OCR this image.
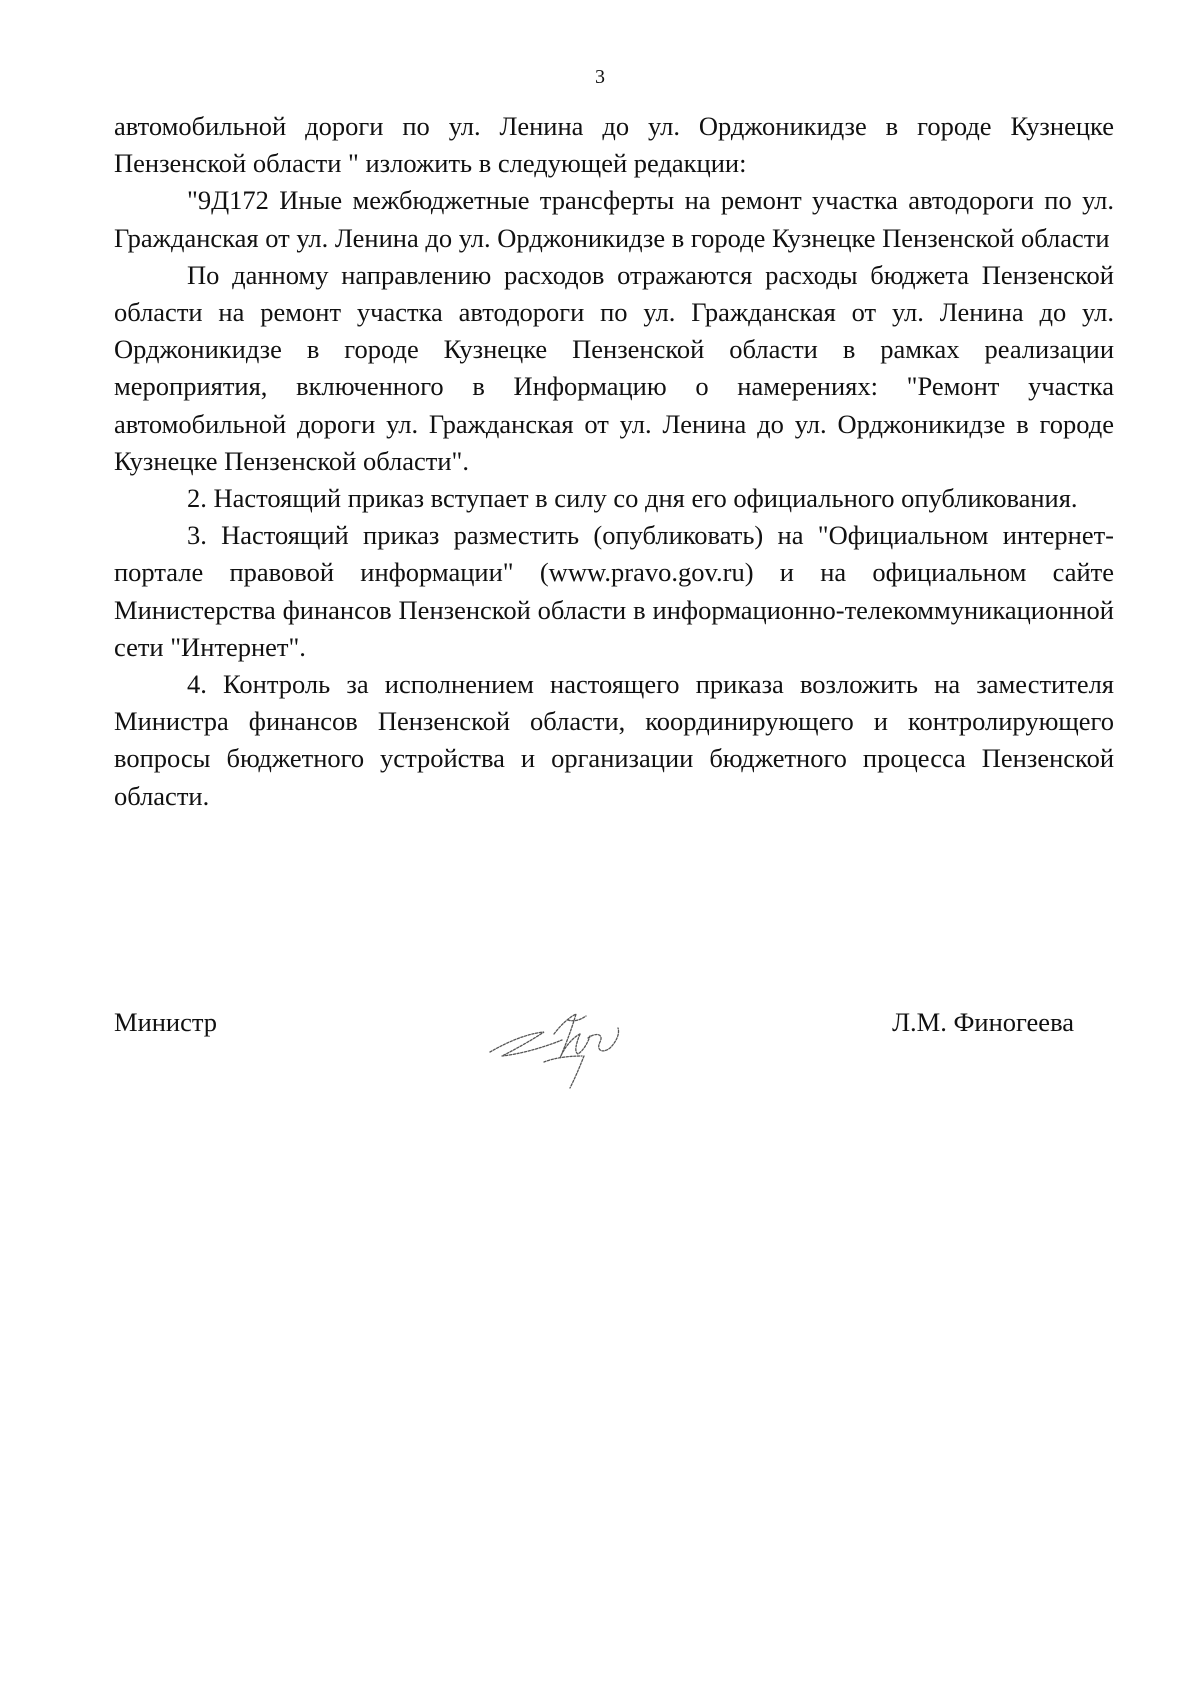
3

автомобильной дороги по ул. Ленина до ул. Орджоникидзе в городе Кузнецке Пензенской области " изложить в следующей редакции:

"9Д172 Иные межбюджетные трансферты на ремонт участка автодороги по ул. Гражданская от ул. Ленина до ул. Орджоникидзе в городе Кузнецке Пензенской области

По данному направлению расходов отражаются расходы бюджета Пензенской области на ремонт участка автодороги по ул. Гражданская от ул. Ленина до ул. Орджоникидзе в городе Кузнецке Пензенской области в рамках реализации мероприятия, включенного в Информацию о намерениях: "Ремонт участка автомобильной дороги ул. Гражданская от ул. Ленина до ул. Орджоникидзе в городе Кузнецке Пензенской области".

2. Настоящий приказ вступает в силу со дня его официального опубликования.

3. Настоящий приказ разместить (опубликовать) на "Официальном интернет-портале правовой информации" (www.pravo.gov.ru) и на официальном сайте Министерства финансов Пензенской области в информационно-телекоммуникационной сети "Интернет".

4. Контроль за исполнением настоящего приказа возложить на заместителя Министра финансов Пензенской области, координирующего и контролирующего вопросы бюджетного устройства и организации бюджетного процесса Пензенской области.

Министр	Л.М. Финогеева
